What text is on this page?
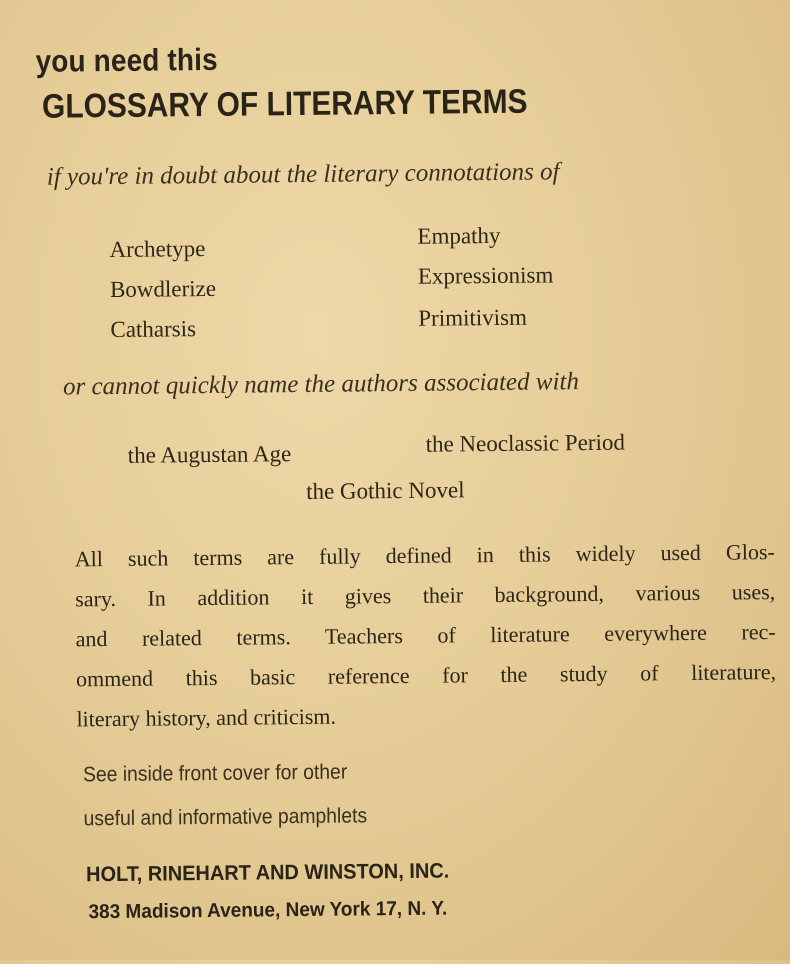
you need this
GLOSSARY OF LITERARY TERMS
if you're in doubt about the literary connotations of
Archetype
Bowdlerize
Catharsis
Empathy
Expressionism
Primitivism
or cannot quickly name the authors associated with
the Augustan Age	the Neoclassic Period
the Gothic Novel
All such terms are fully defined in this widely used Glos-
sary. In addition it gives their background, various uses,
and related terms. Teachers of literature everywhere rec-
ommend this basic reference for the study of literature,
literary history, and criticism.
See inside front cover for other
useful and informative pamphlets
HOLT, RINEHART AND WINSTON, INC.
383 Madison Avenue, New York 17, N. Y.
